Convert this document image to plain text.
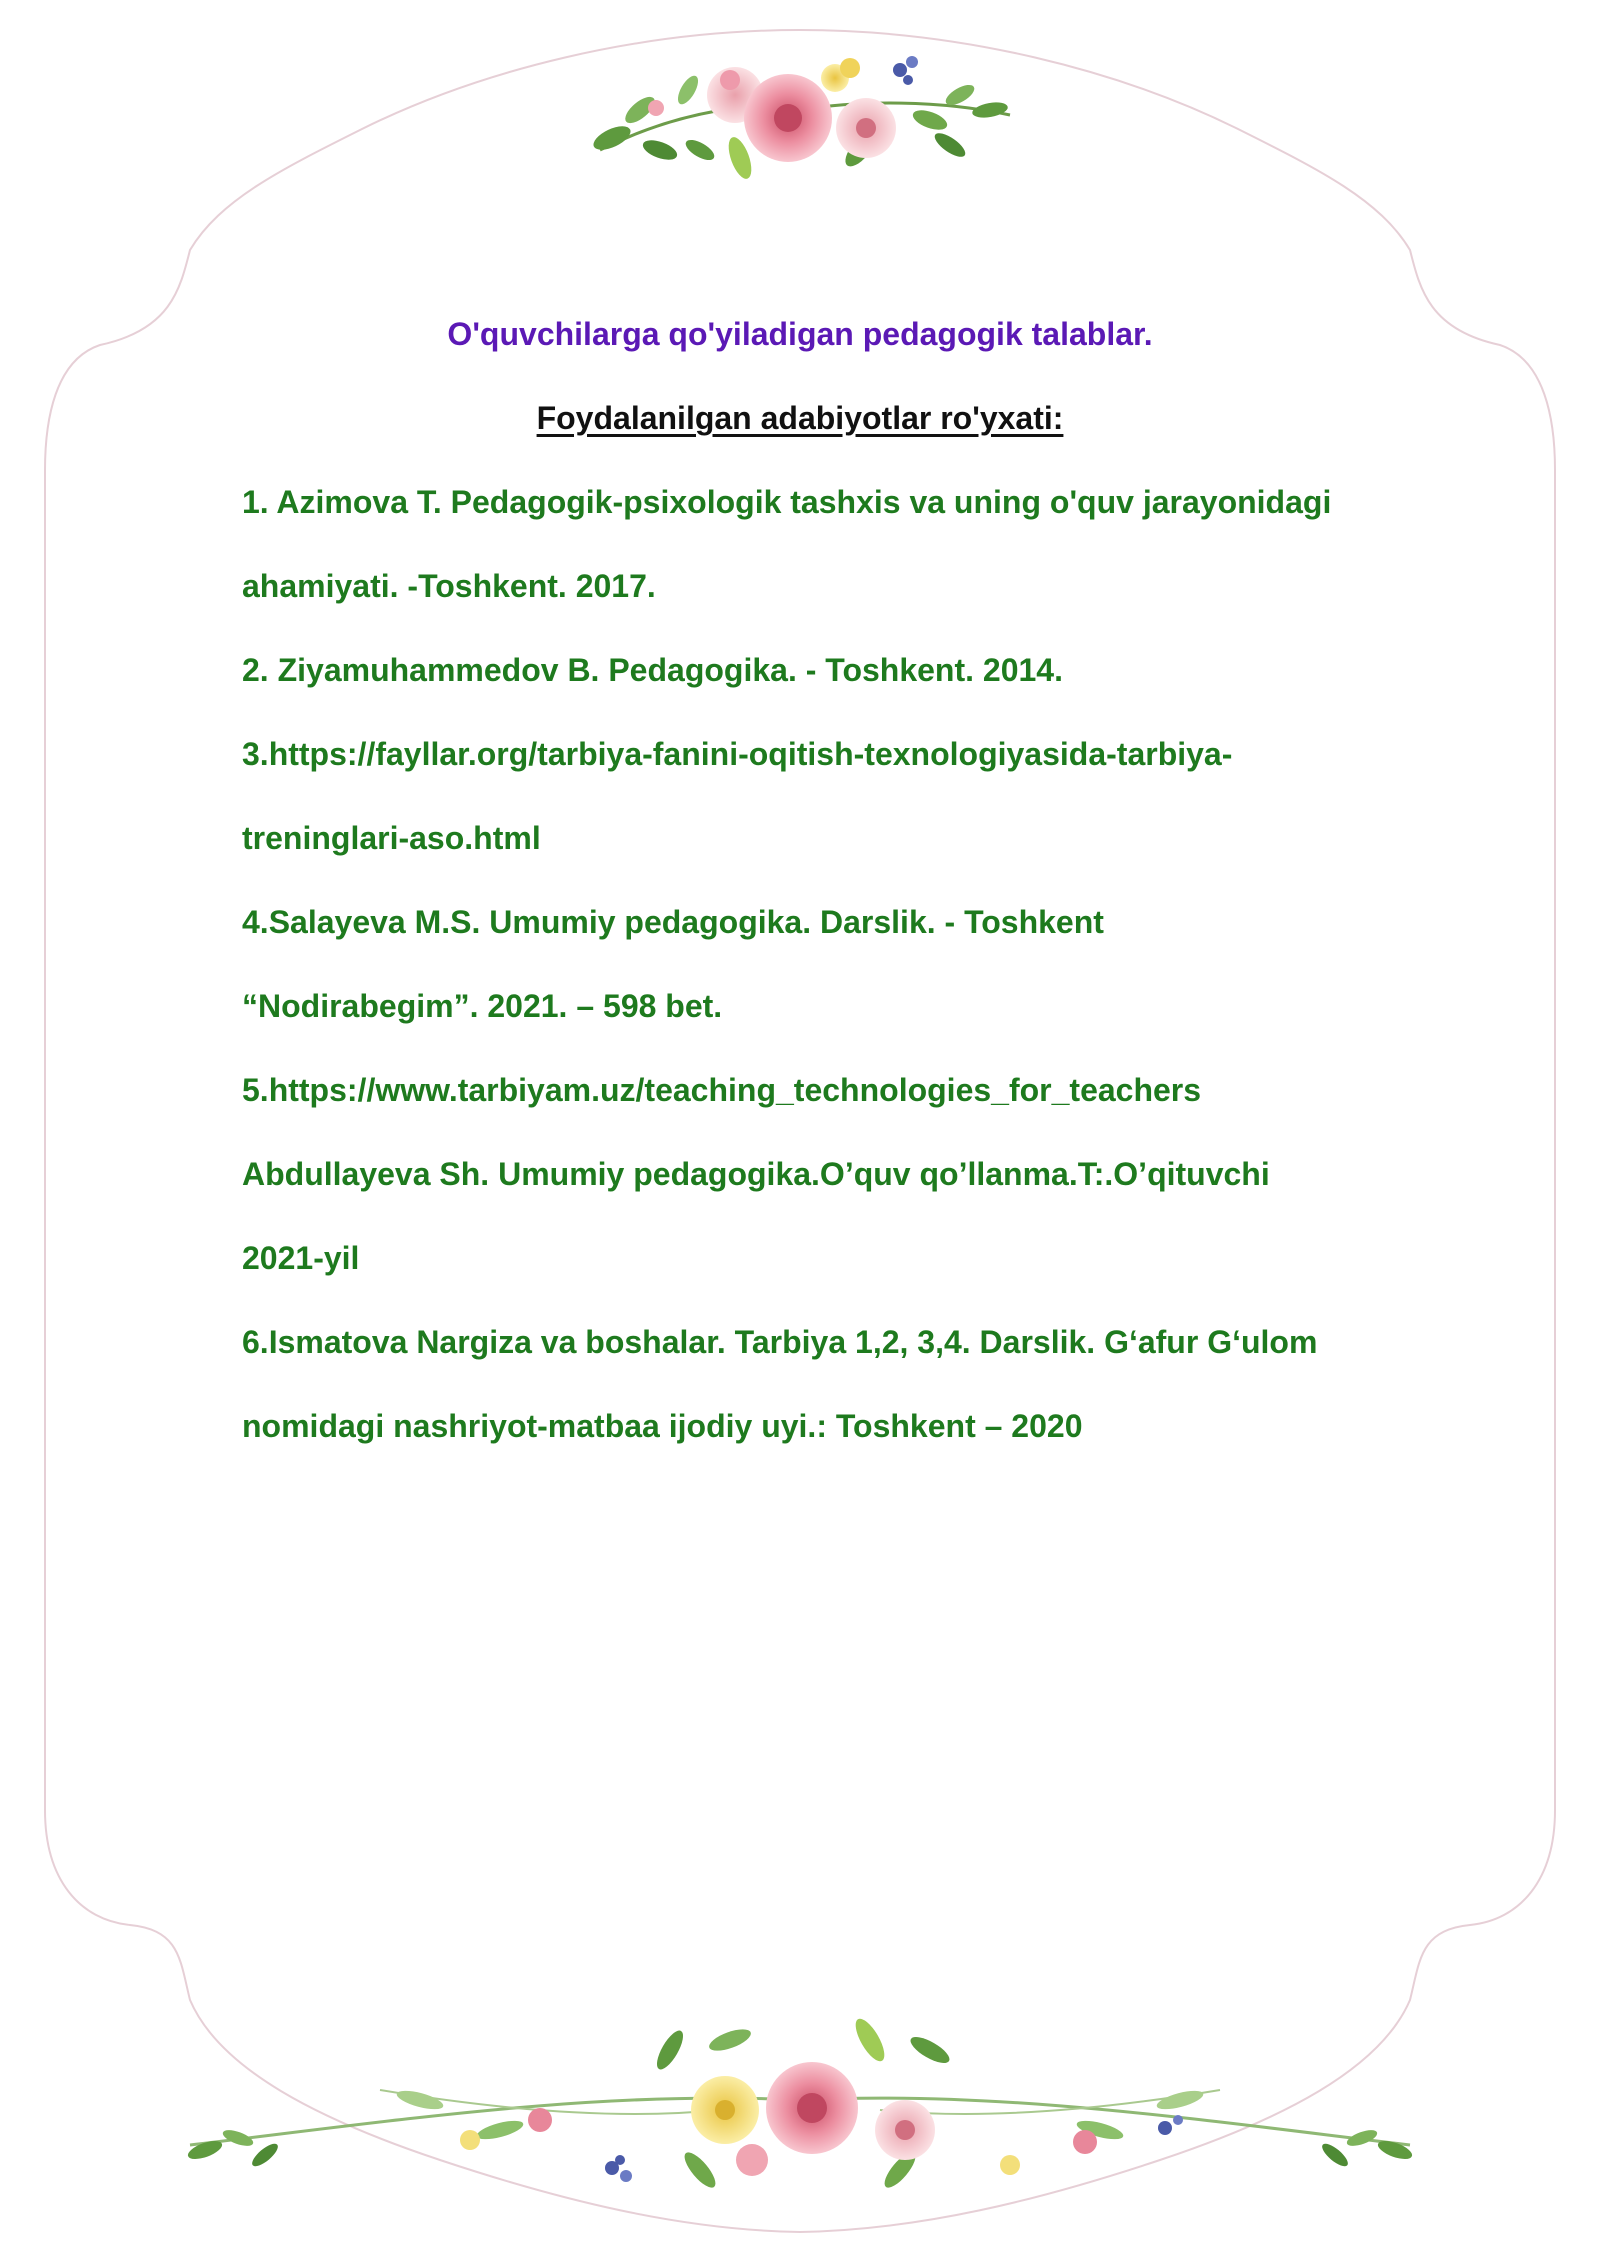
O'quvchilarga qo'yiladigan pedagogik talablar.
Foydalanilgan adabiyotlar ro'yxati:
1. Azimova T. Pedagogik-psixologik tashxis va uning o'quv jarayonidagi
ahamiyati. -Toshkent. 2017.
2. Ziyamuhammedov B. Pedagogika. - Toshkent. 2014.
3.https://fayllar.org/tarbiya-fanini-oqitish-texnologiyasida-tarbiya-
treninglari-aso.html
4.Salayeva M.S. Umumiy pedagogika. Darslik. - Toshkent
“Nodirabegim”. 2021. – 598 bet.
5.https://www.tarbiyam.uz/teaching_technologies_for_teachers
Abdullayeva Sh. Umumiy pedagogika.O’quv qo’llanma.T:.O’qituvchi
2021-yil
6.Ismatova Nargiza va boshalar. Tarbiya 1,2, 3,4. Darslik. G‘afur G‘ulom
nomidagi nashriyot-matbaa ijodiy uyi.: Toshkent – 2020
